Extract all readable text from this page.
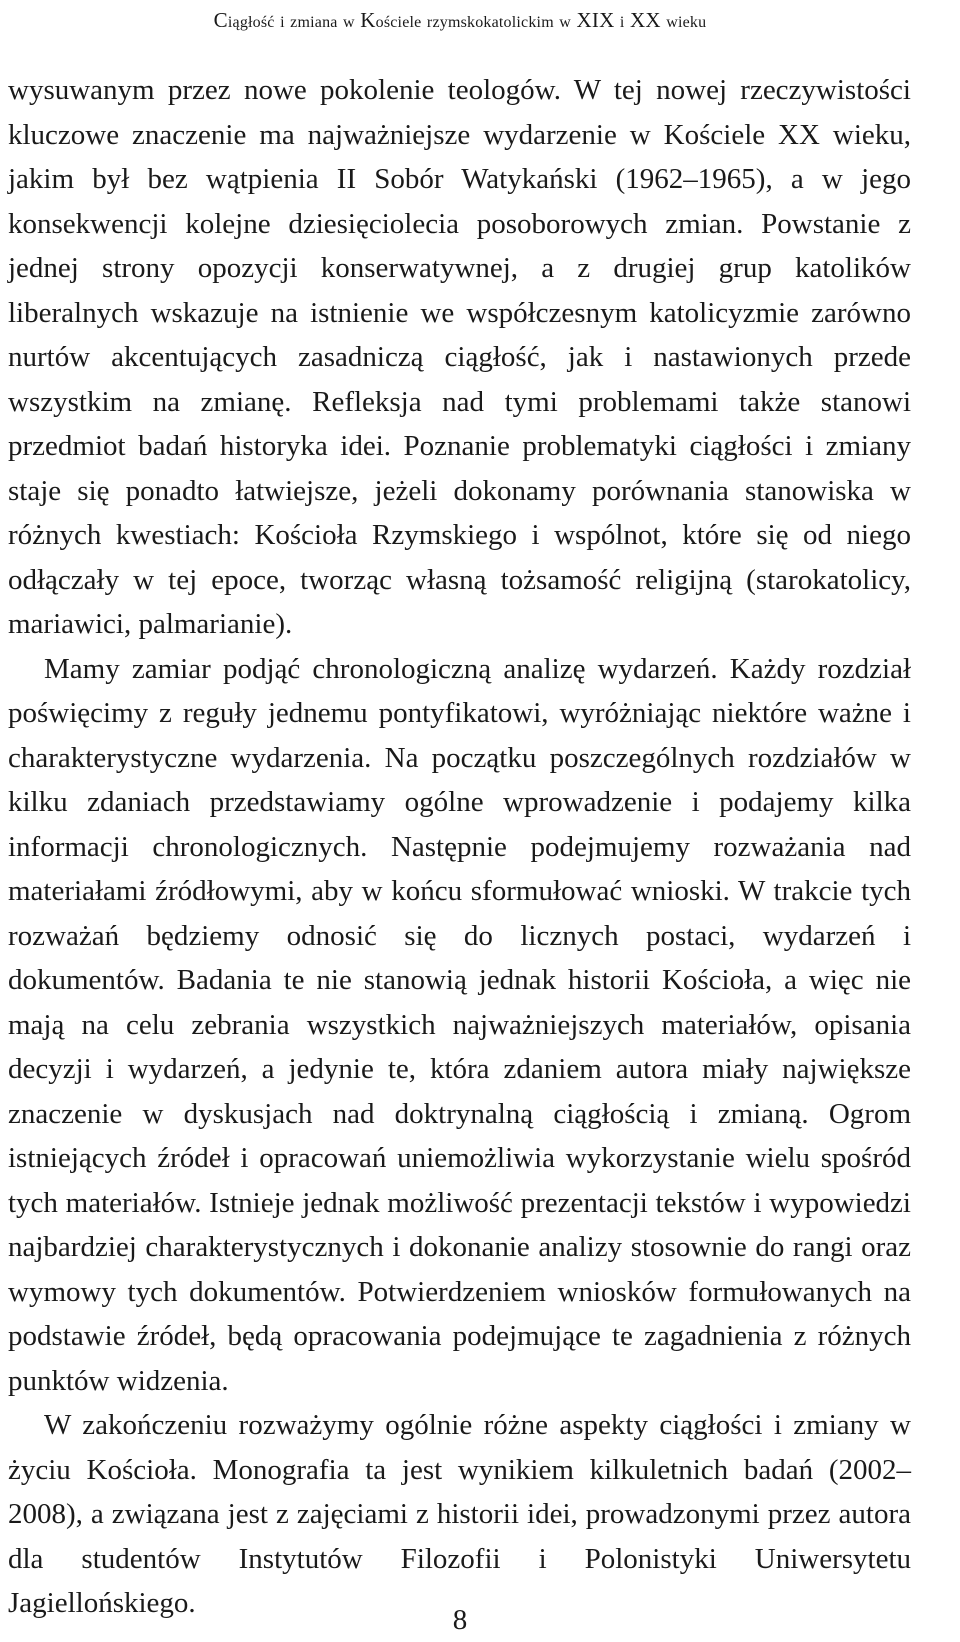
Ciągłość i zmiana w Kościele rzymskokatolickim w XIX i XX wieku

wysuwanym przez nowe pokolenie teologów. W tej nowej rzeczywistości kluczowe znaczenie ma najważniejsze wydarzenie w Kościele XX wieku, jakim był bez wątpienia II Sobór Watykański (1962–1965), a w jego konsekwencji kolejne dziesięciolecia posoborowych zmian. Powstanie z jednej strony opozycji konserwatywnej, a z drugiej grup katolików liberalnych wskazuje na istnienie we współczesnym katolicyzmie zarówno nurtów akcentujących zasadniczą ciągłość, jak i nastawionych przede wszystkim na zmianę. Refleksja nad tymi problemami także stanowi przedmiot badań historyka idei. Poznanie problematyki ciągłości i zmiany staje się ponadto łatwiejsze, jeżeli dokonamy porównania stanowiska w różnych kwestiach: Kościoła Rzymskiego i wspólnot, które się od niego odłączały w tej epoce, tworząc własną tożsamość religijną (starokatolicy, mariawici, palmarianie).

Mamy zamiar podjąć chronologiczną analizę wydarzeń. Każdy rozdział poświęcimy z reguły jednemu pontyfikatowi, wyróżniając niektóre ważne i charakterystyczne wydarzenia. Na początku poszczególnych rozdziałów w kilku zdaniach przedstawiamy ogólne wprowadzenie i podajemy kilka informacji chronologicznych. Następnie podejmujemy rozważania nad materiałami źródłowymi, aby w końcu sformułować wnioski. W trakcie tych rozważań będziemy odnosić się do licznych postaci, wydarzeń i dokumentów. Badania te nie stanowią jednak historii Kościoła, a więc nie mają na celu zebrania wszystkich najważniejszych materiałów, opisania decyzji i wydarzeń, a jedynie te, która zdaniem autora miały największe znaczenie w dyskusjach nad doktrynalną ciągłością i zmianą. Ogrom istniejących źródeł i opracowań uniemożliwia wykorzystanie wielu spośród tych materiałów. Istnieje jednak możliwość prezentacji tekstów i wypowiedzi najbardziej charakterystycznych i dokonanie analizy stosownie do rangi oraz wymowy tych dokumentów. Potwierdzeniem wniosków formułowanych na podstawie źródeł, będą opracowania podejmujące te zagadnienia z różnych punktów widzenia.

W zakończeniu rozważymy ogólnie różne aspekty ciągłości i zmiany w życiu Kościoła. Monografia ta jest wynikiem kilkuletnich badań (2002–2008), a związana jest z zajęciami z historii idei, prowadzonymi przez autora dla studentów Instytutów Filozofii i Polonistyki Uniwersytetu Jagiellońskiego.

8
